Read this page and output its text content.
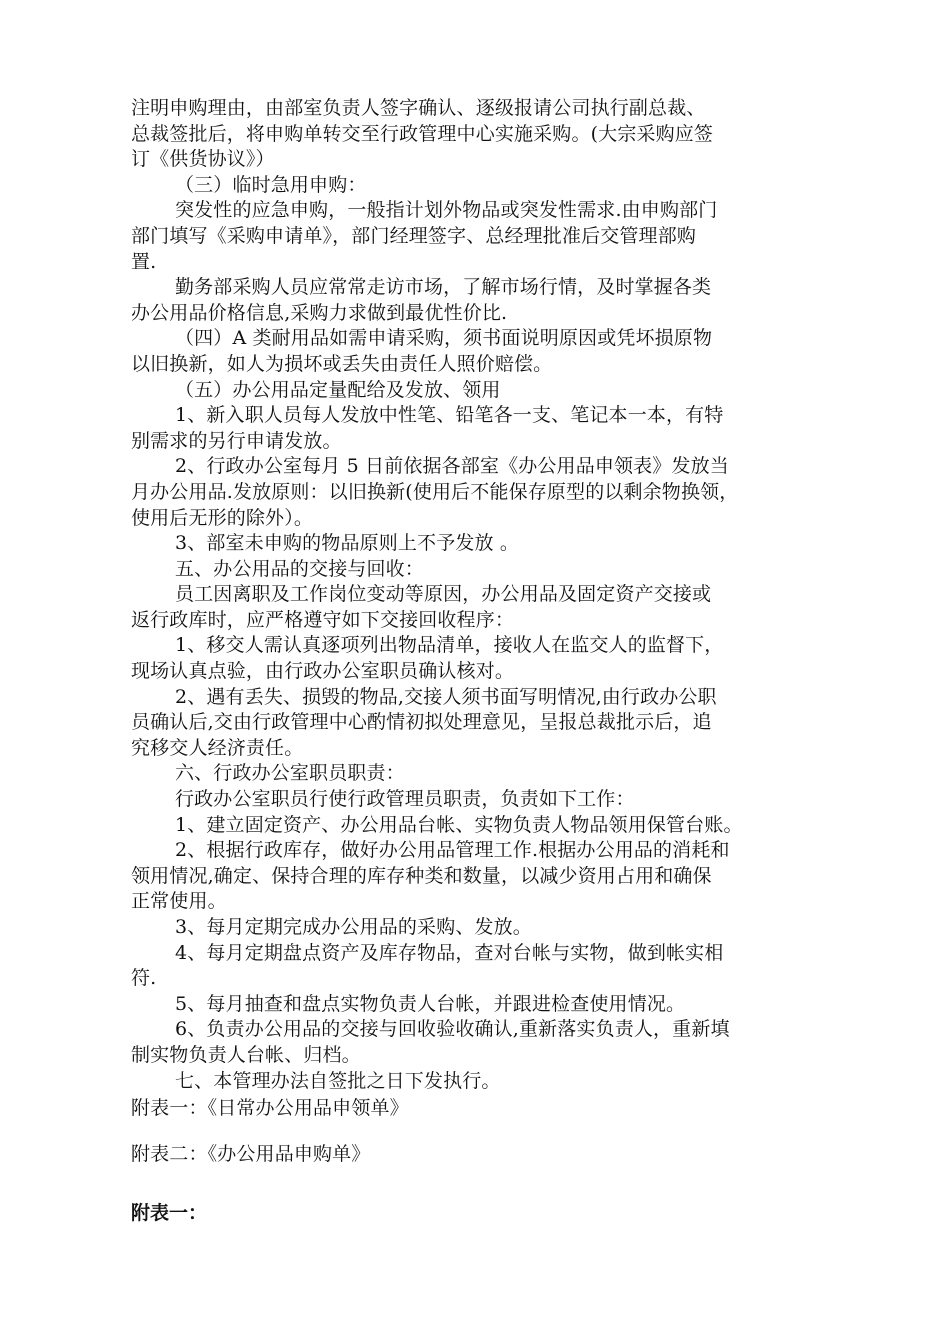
注明申购理由，由部室负责人签字确认、逐级报请公司执行副总裁、
总裁签批后，将申购单转交至行政管理中心实施采购。(大宗采购应签
订《供货协议》）
（三）临时急用申购：
突发性的应急申购，一般指计划外物品或突发性需求.由申购部门
部门填写《采购申请单》，部门经理签字、总经理批准后交管理部购
置.
勤务部采购人员应常常走访市场，了解市场行情，及时掌握各类
办公用品价格信息,采购力求做到最优性价比.
（四）A 类耐用品如需申请采购，须书面说明原因或凭坏损原物
以旧换新，如人为损坏或丢失由责任人照价赔偿。
（五）办公用品定量配给及发放、领用
1、新入职人员每人发放中性笔、铅笔各一支、笔记本一本，有特
别需求的另行申请发放。
2、行政办公室每月 5 日前依据各部室《办公用品申领表》发放当
月办公用品.发放原则：以旧换新(使用后不能保存原型的以剩余物换领，
使用后无形的除外）。
3、部室未申购的物品原则上不予发放 。
五、办公用品的交接与回收：
员工因离职及工作岗位变动等原因，办公用品及固定资产交接或
返行政库时，应严格遵守如下交接回收程序：
1、移交人需认真逐项列出物品清单，接收人在监交人的监督下，
现场认真点验，由行政办公室职员确认核对。
2、遇有丢失、损毁的物品,交接人须书面写明情况,由行政办公职
员确认后,交由行政管理中心酌情初拟处理意见，呈报总裁批示后，追
究移交人经济责任。
六、行政办公室职员职责：
行政办公室职员行使行政管理员职责，负责如下工作：
1、建立固定资产、办公用品台帐、实物负责人物品领用保管台账。
2、根据行政库存，做好办公用品管理工作.根据办公用品的消耗和
领用情况,确定、保持合理的库存种类和数量，以减少资用占用和确保
正常使用。
3、每月定期完成办公用品的采购、发放。
4、每月定期盘点资产及库存物品，查对台帐与实物，做到帐实相
符.
5、每月抽查和盘点实物负责人台帐，并跟进检查使用情况。
6、负责办公用品的交接与回收验收确认,重新落实负责人，重新填
制实物负责人台帐、归档。
七、本管理办法自签批之日下发执行。
附表一：《日常办公用品申领单》
附表二：《办公用品申购单》
附表一：
